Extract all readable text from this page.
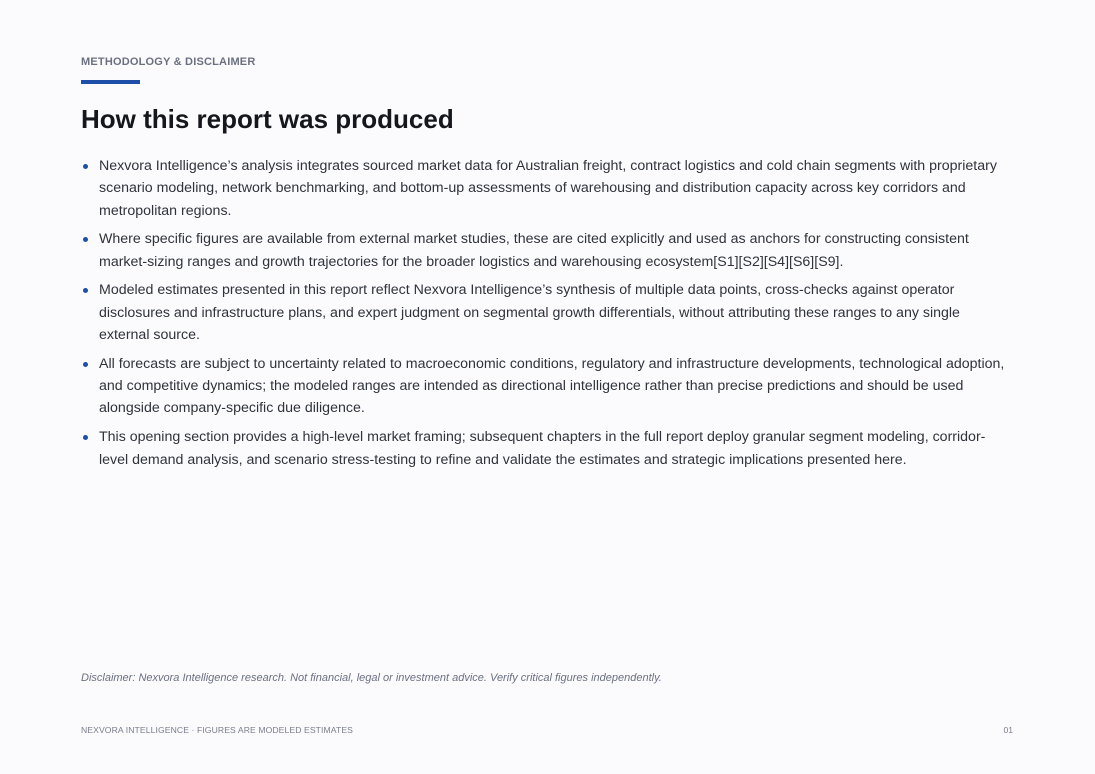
METHODOLOGY & DISCLAIMER
How this report was produced
Nexvora Intelligence’s analysis integrates sourced market data for Australian freight, contract logistics and cold chain segments with proprietary scenario modeling, network benchmarking, and bottom-up assessments of warehousing and distribution capacity across key corridors and metropolitan regions.
Where specific figures are available from external market studies, these are cited explicitly and used as anchors for constructing consistent market-sizing ranges and growth trajectories for the broader logistics and warehousing ecosystem[S1][S2][S4][S6][S9].
Modeled estimates presented in this report reflect Nexvora Intelligence’s synthesis of multiple data points, cross-checks against operator disclosures and infrastructure plans, and expert judgment on segmental growth differentials, without attributing these ranges to any single external source.
All forecasts are subject to uncertainty related to macroeconomic conditions, regulatory and infrastructure developments, technological adoption, and competitive dynamics; the modeled ranges are intended as directional intelligence rather than precise predictions and should be used alongside company-specific due diligence.
This opening section provides a high-level market framing; subsequent chapters in the full report deploy granular segment modeling, corridor-level demand analysis, and scenario stress-testing to refine and validate the estimates and strategic implications presented here.
Disclaimer: Nexvora Intelligence research. Not financial, legal or investment advice. Verify critical figures independently.
NEXVORA INTELLIGENCE · FIGURES ARE MODELED ESTIMATES	01
